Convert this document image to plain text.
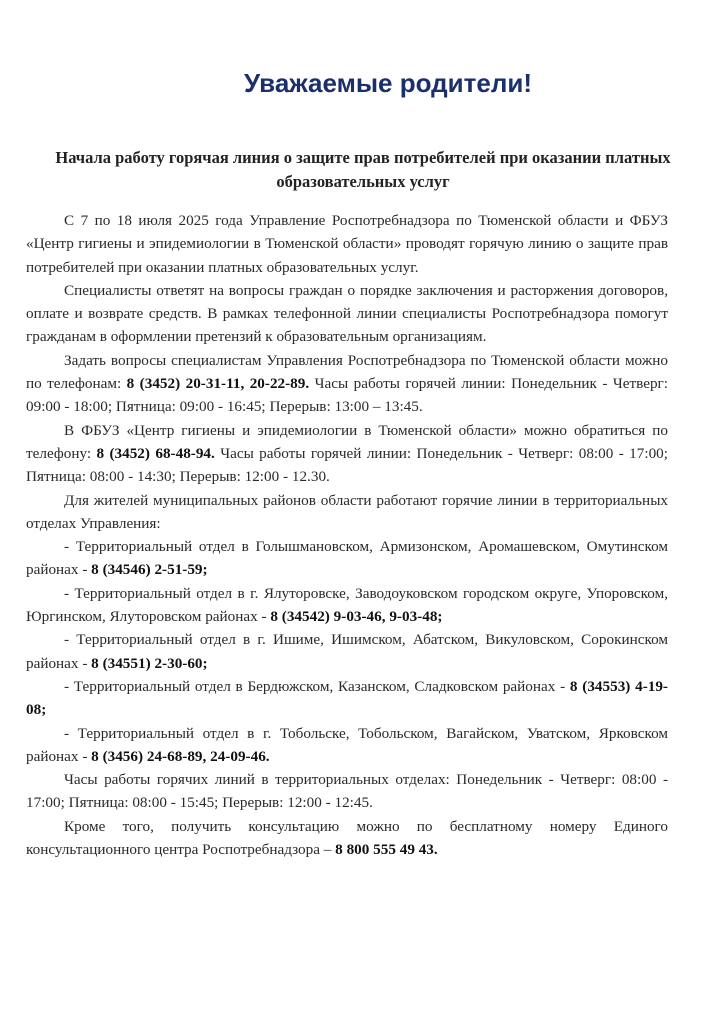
Уважаемые родители!
Начала работу горячая линия о защите прав потребителей при оказании платных образовательных услуг

С 7 по 18 июля 2025 года Управление Роспотребнадзора по Тюменской области и ФБУЗ «Центр гигиены и эпидемиологии в Тюменской области» проводят горячую линию о защите прав потребителей при оказании платных образовательных услуг.

Специалисты ответят на вопросы граждан о порядке заключения и расторжения договоров, оплате и возврате средств. В рамках телефонной линии специалисты Роспотребнадзора помогут гражданам в оформлении претензий к образовательным организациям.

Задать вопросы специалистам Управления Роспотребнадзора по Тюменской области можно по телефонам: 8 (3452) 20-31-11, 20-22-89. Часы работы горячей линии: Понедельник - Четверг: 09:00 - 18:00; Пятница: 09:00 - 16:45; Перерыв: 13:00 – 13:45.

В ФБУЗ «Центр гигиены и эпидемиологии в Тюменской области» можно обратиться по телефону: 8 (3452) 68-48-94. Часы работы горячей линии: Понедельник - Четверг: 08:00 - 17:00; Пятница: 08:00 - 14:30; Перерыв: 12:00 - 12.30.

Для жителей муниципальных районов области работают горячие линии в территориальных отделах Управления:

- Территориальный отдел в Голышмановском, Армизонском, Аромашевском, Омутинском районах - 8 (34546) 2-51-59;

- Территориальный отдел в г. Ялуторовске, Заводоуковском городском округе, Упоровском, Юргинском, Ялуторовском районах - 8 (34542) 9-03-46, 9-03-48;

- Территориальный отдел в г. Ишиме, Ишимском, Абатском, Викуловском, Сорокинском районах - 8 (34551) 2-30-60;

- Территориальный отдел в Бердюжском, Казанском, Сладковском районах - 8 (34553) 4-19-08;

- Территориальный отдел в г. Тобольске, Тобольском, Вагайском, Уватском, Ярковском районах - 8 (3456) 24-68-89, 24-09-46.

Часы работы горячих линий в территориальных отделах: Понедельник - Четверг: 08:00 - 17:00; Пятница: 08:00 - 15:45; Перерыв: 12:00 - 12:45.

Кроме того, получить консультацию можно по бесплатному номеру Единого консультационного центра Роспотребнадзора – 8 800 555 49 43.
